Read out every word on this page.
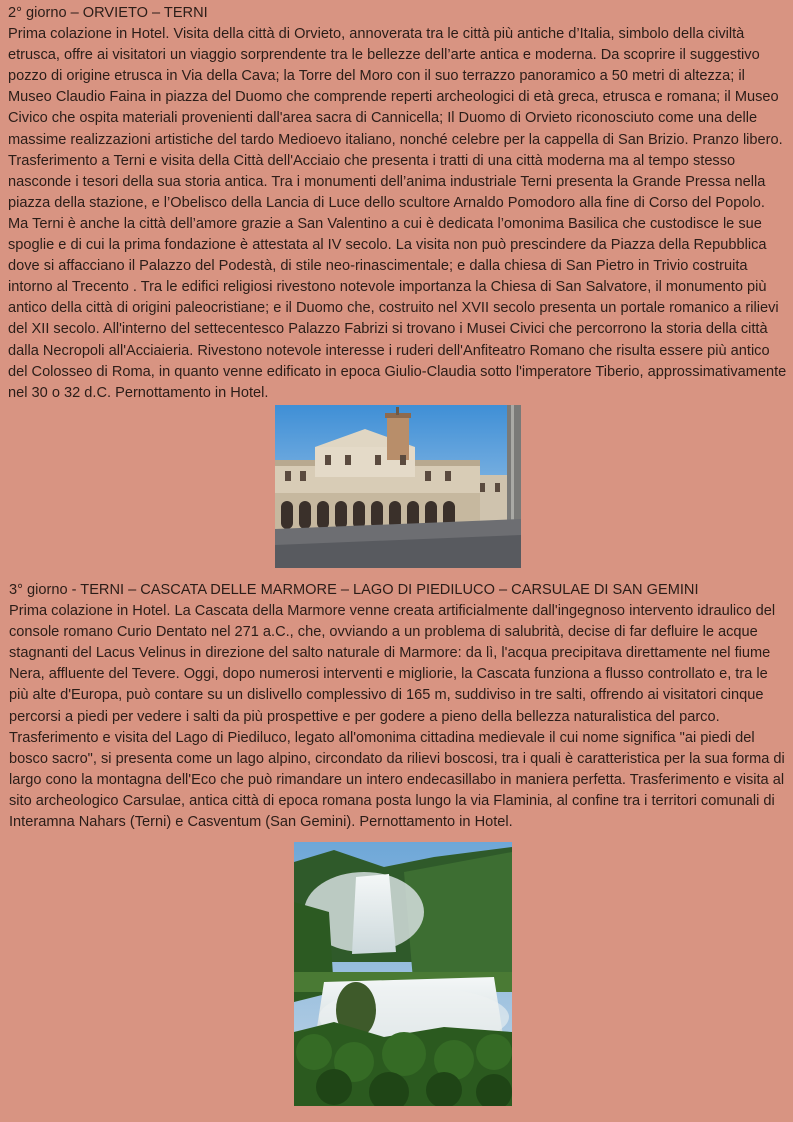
2° giorno – ORVIETO – TERNI

Prima colazione in Hotel. Visita della città di Orvieto, annoverata tra le città più antiche d’Italia, simbolo della civiltà etrusca, offre ai visitatori un viaggio sorprendente tra le bellezze dell’arte antica e moderna. Da scoprire il suggestivo pozzo di origine etrusca in Via della Cava; la Torre del Moro con il suo terrazzo panoramico a 50 metri di altezza; il Museo Claudio Faina in piazza del Duomo che comprende reperti archeologici di età greca, etrusca e romana; il Museo Civico che ospita materiali provenienti dall'area sacra di Cannicella; Il Duomo di Orvieto riconosciuto come una delle massime realizzazioni artistiche del tardo Medioevo italiano, nonché celebre per la cappella di San Brizio. Pranzo libero. Trasferimento a Terni e visita della Città dell'Acciaio che presenta i tratti di una città moderna ma al tempo stesso nasconde i tesori della sua storia antica. Tra i monumenti dell’anima industriale Terni presenta la Grande Pressa nella piazza della stazione, e l’Obelisco della Lancia di Luce dello scultore Arnaldo Pomodoro alla fine di Corso del Popolo. Ma Terni è anche la città dell’amore grazie a San Valentino a cui è dedicata l’omonima Basilica che custodisce le sue spoglie e di cui la prima fondazione è attestata al IV secolo. La visita non può prescindere da Piazza della Repubblica dove si affacciano il Palazzo del Podestà, di stile neo-rinascimentale; e dalla chiesa di San Pietro in Trivio costruita intorno al Trecento . Tra le edifici religiosi rivestono notevole importanza la Chiesa di San Salvatore, il monumento più antico della città di origini paleocristiane; e il Duomo che, costruito nel XVII secolo presenta un portale romanico a rilievi del XII secolo. All'interno del settecentesco Palazzo Fabrizi si trovano i Musei Civici che percorrono la storia della città dalla Necropoli all'Acciaieria. Rivestono notevole interesse i ruderi dell'Anfiteatro Romano che risulta essere più antico del Colosseo di Roma, in quanto venne edificato in epoca Giulio-Claudia sotto l'imperatore Tiberio, approssimativamente nel 30 o 32 d.C. Pernottamento in Hotel.

3° giorno - TERNI – CASCATA DELLE MARMORE – LAGO DI PIEDILUCO – CARSULAE DI SAN GEMINI

Prima colazione in Hotel. La Cascata della Marmore venne creata artificialmente dall'ingegnoso intervento idraulico del console romano Curio Dentato nel 271 a.C., che, ovviando a un problema di salubrità, decise di far defluire le acque stagnanti del Lacus Velinus in direzione del salto naturale di Marmore: da lì, l'acqua precipitava direttamente nel fiume Nera, affluente del Tevere. Oggi, dopo numerosi interventi e migliorie, la Cascata funziona a flusso controllato e, tra le più alte d'Europa, può contare su un dislivello complessivo di 165 m, suddiviso in tre salti, offrendo ai visitatori cinque percorsi a piedi per vedere i salti da più prospettive e per godere a pieno della bellezza naturalistica del parco. Trasferimento e visita del Lago di Piediluco, legato all'omonima cittadina medievale il cui nome significa "ai piedi del bosco sacro", si presenta come un lago alpino, circondato da rilievi boscosi, tra i quali è caratteristica per la sua forma di largo cono la montagna dell'Eco che può rimandare un intero endecasillabo in maniera perfetta. Trasferimento e visita al sito archeologico Carsulae, antica città di epoca romana posta lungo la via Flaminia, al confine tra i territori comunali di Interamna Nahars (Terni) e Casventum (San Gemini). Pernottamento in Hotel.
